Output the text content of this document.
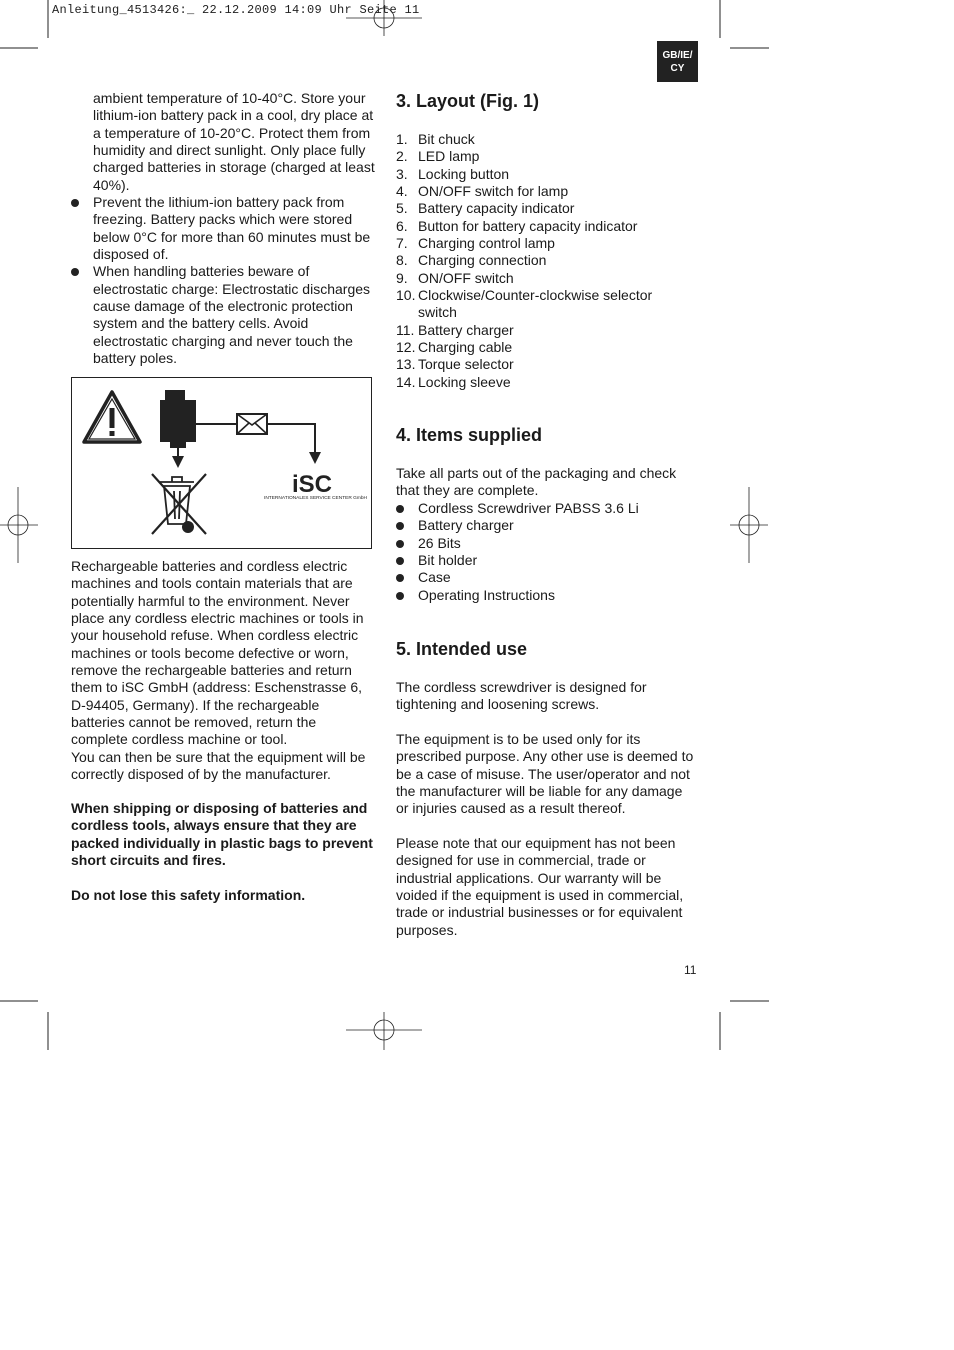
Anleitung_4513426:_ 22.12.2009 14:09 Uhr Seite 11
GB/IE/
CY
ambient temperature of 10-40°C. Store your lithium-ion battery pack in a cool, dry place at a temperature of 10-20°C. Protect them from humidity and direct sunlight. Only place fully charged batteries in storage (charged at least 40%).
Prevent the lithium-ion battery pack from freezing. Battery packs which were stored below 0°C for more than 60 minutes must be disposed of.
When handling batteries beware of electrostatic charge: Electrostatic discharges cause damage of the electronic protection system and the battery cells. Avoid electrostatic charging and never touch the battery poles.
iSC
INTERNATIONALES SERVICE CENTER GmbH

Rechargeable batteries and cordless electric machines and tools contain materials that are potentially harmful to the environment. Never place any cordless electric machines or tools in your household refuse. When cordless electric machines or tools become defective or worn, remove the rechargeable batteries and return them to iSC GmbH (address: Eschenstrasse 6, D-94405, Germany). If the rechargeable batteries cannot be removed, return the complete cordless machine or tool.

You can then be sure that the equipment will be correctly disposed of by the manufacturer.

When shipping or disposing of batteries and cordless tools, always ensure that they are packed individually in plastic bags to prevent short circuits and fires.
Do not lose this safety information.
3. Layout (Fig. 1)
1. Bit chuck
2. LED lamp
3. Locking button
4. ON/OFF switch for lamp
5. Battery capacity indicator
6. Button for battery capacity indicator
7. Charging control lamp
8. Charging connection
9. ON/OFF switch
10. Clockwise/Counter-clockwise selector switch
11. Battery charger
12. Charging cable
13. Torque selector
14. Locking sleeve
4. Items supplied
Take all parts out of the packaging and check that they are complete.
Cordless Screwdriver PABSS 3.6 Li
Battery charger
26 Bits
Bit holder
Case
Operating Instructions
5. Intended use
The cordless screwdriver is designed for tightening and loosening screws.
The equipment is to be used only for its prescribed purpose. Any other use is deemed to be a case of misuse. The user/operator and not the manufacturer will be liable for any damage or injuries caused as a result thereof.
Please note that our equipment has not been designed for use in commercial, trade or industrial applications. Our warranty will be voided if the equipment is used in commercial, trade or industrial businesses or for equivalent purposes.
11
